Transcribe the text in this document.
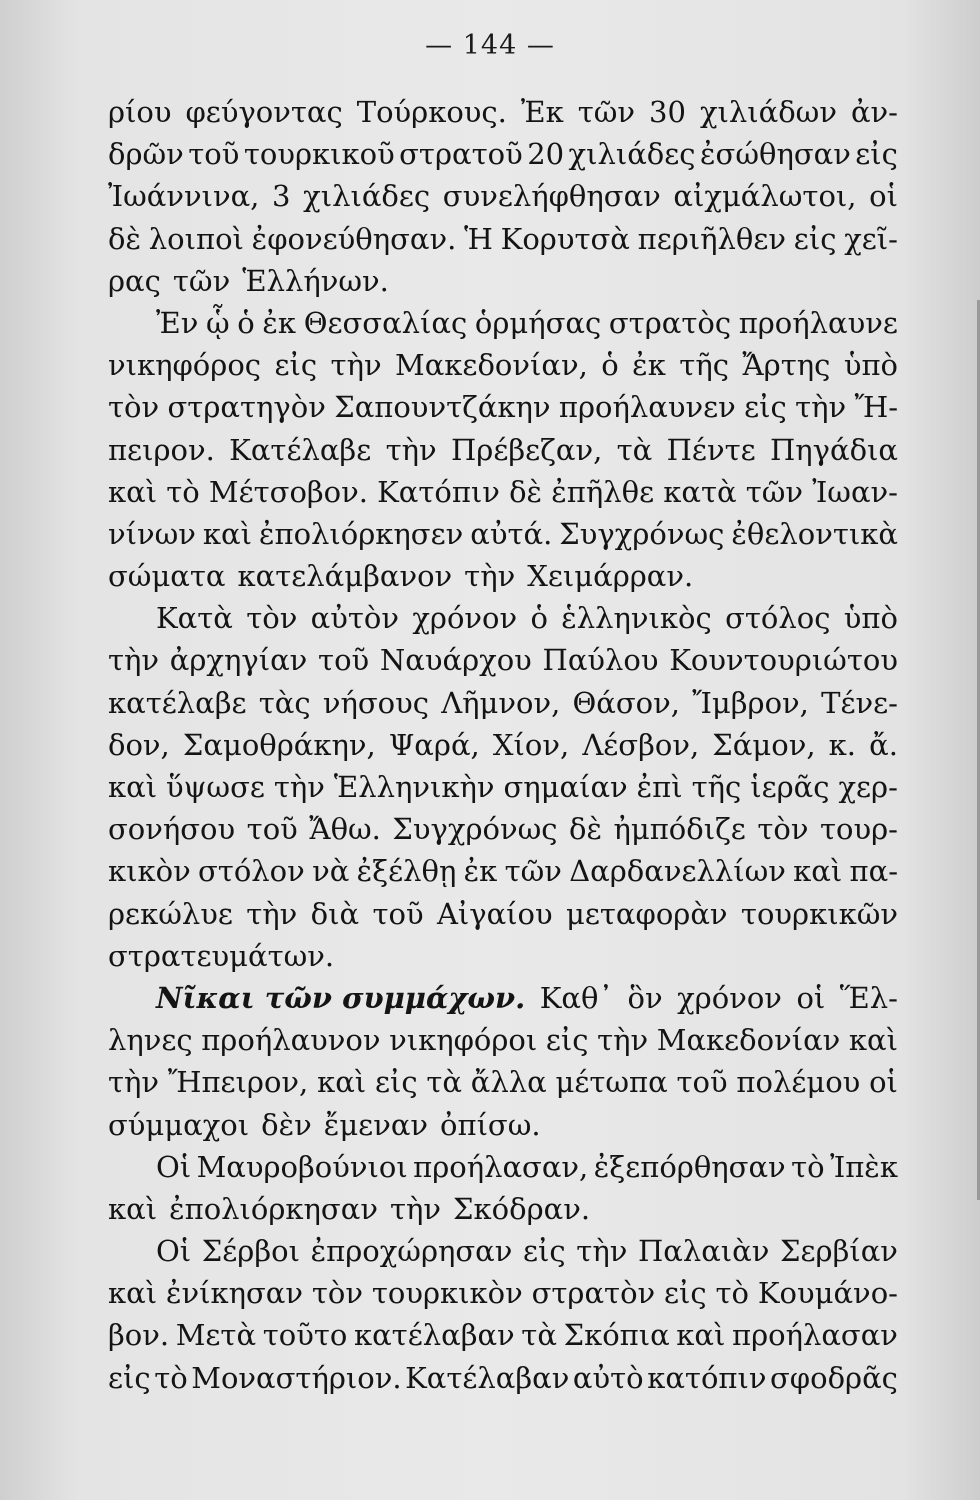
— 144 —
ρίου φεύγοντας Τούρκους. Ἐκ τῶν 30 χιλιάδων ἀν-
δρῶν τοῦ τουρκικοῦ στρατοῦ 20 χιλιάδες ἐσώθησαν εἰς
Ἰωάννινα, 3 χιλιάδες συνελήφθησαν αἰχμάλωτοι, οἱ
δὲ λοιποὶ ἐφονεύθησαν. Ἡ Κορυτσὰ περιῆλθεν εἰς χεῖ-
ρας τῶν Ἑλλήνων.
Ἐν ᾧ ὁ ἐκ Θεσσαλίας ὁρμήσας στρατὸς προήλαυνε
νικηφόρος εἰς τὴν Μακεδονίαν, ὁ ἐκ τῆς Ἄρτης ὑπὸ
τὸν στρατηγὸν Σαπουντζάκην προήλαυνεν εἰς τὴν Ἤ-
πειρον. Κατέλαβε τὴν Πρέβεζαν, τὰ Πέντε Πηγάδια
καὶ τὸ Μέτσοβον. Κατόπιν δὲ ἐπῆλθε κατὰ τῶν Ἰωαν-
νίνων καὶ ἐπολιόρκησεν αὐτά. Συγχρόνως ἐθελοντικὰ
σώματα κατελάμβανον τὴν Χειμάρραν.
Κατὰ τὸν αὐτὸν χρόνον ὁ ἑλληνικὸς στόλος ὑπὸ
τὴν ἀρχηγίαν τοῦ Ναυάρχου Παύλου Κουντουριώτου
κατέλαβε τὰς νήσους Λῆμνον, Θάσον, Ἴμβρον, Τένε-
δον, Σαμοθράκην, Ψαρά, Χίον, Λέσβον, Σάμον, κ. ἄ.
καὶ ὕψωσε τὴν Ἑλληνικὴν σημαίαν ἐπὶ τῆς ἱερᾶς χερ-
σονήσου τοῦ Ἄθω. Συγχρόνως δὲ ἠμπόδιζε τὸν τουρ-
κικὸν στόλον νὰ ἐξέλθῃ ἐκ τῶν Δαρδανελλίων καὶ πα-
ρεκώλυε τὴν διὰ τοῦ Αἰγαίου μεταφορὰν τουρκικῶν
στρατευμάτων.
Νῖκαι τῶν συμμάχων. Καθ᾽ ὃν χρόνον οἱ Ἕλ-
ληνες προήλαυνον νικηφόροι εἰς τὴν Μακεδονίαν καὶ
τὴν Ἤπειρον, καὶ εἰς τὰ ἄλλα μέτωπα τοῦ πολέμου οἱ
σύμμαχοι δὲν ἔμεναν ὀπίσω.
Οἱ Μαυροβούνιοι προήλασαν, ἐξεπόρθησαν τὸ Ἰπὲκ
καὶ ἐπολιόρκησαν τὴν Σκόδραν.
Οἱ Σέρβοι ἐπροχώρησαν εἰς τὴν Παλαιὰν Σερβίαν
καὶ ἐνίκησαν τὸν τουρκικὸν στρατὸν εἰς τὸ Κουμάνο-
βον. Μετὰ τοῦτο κατέλαβαν τὰ Σκόπια καὶ προήλασαν
εἰς τὸ Μοναστήριον. Κατέλαβαν αὐτὸ κατόπιν σφοδρᾶς
